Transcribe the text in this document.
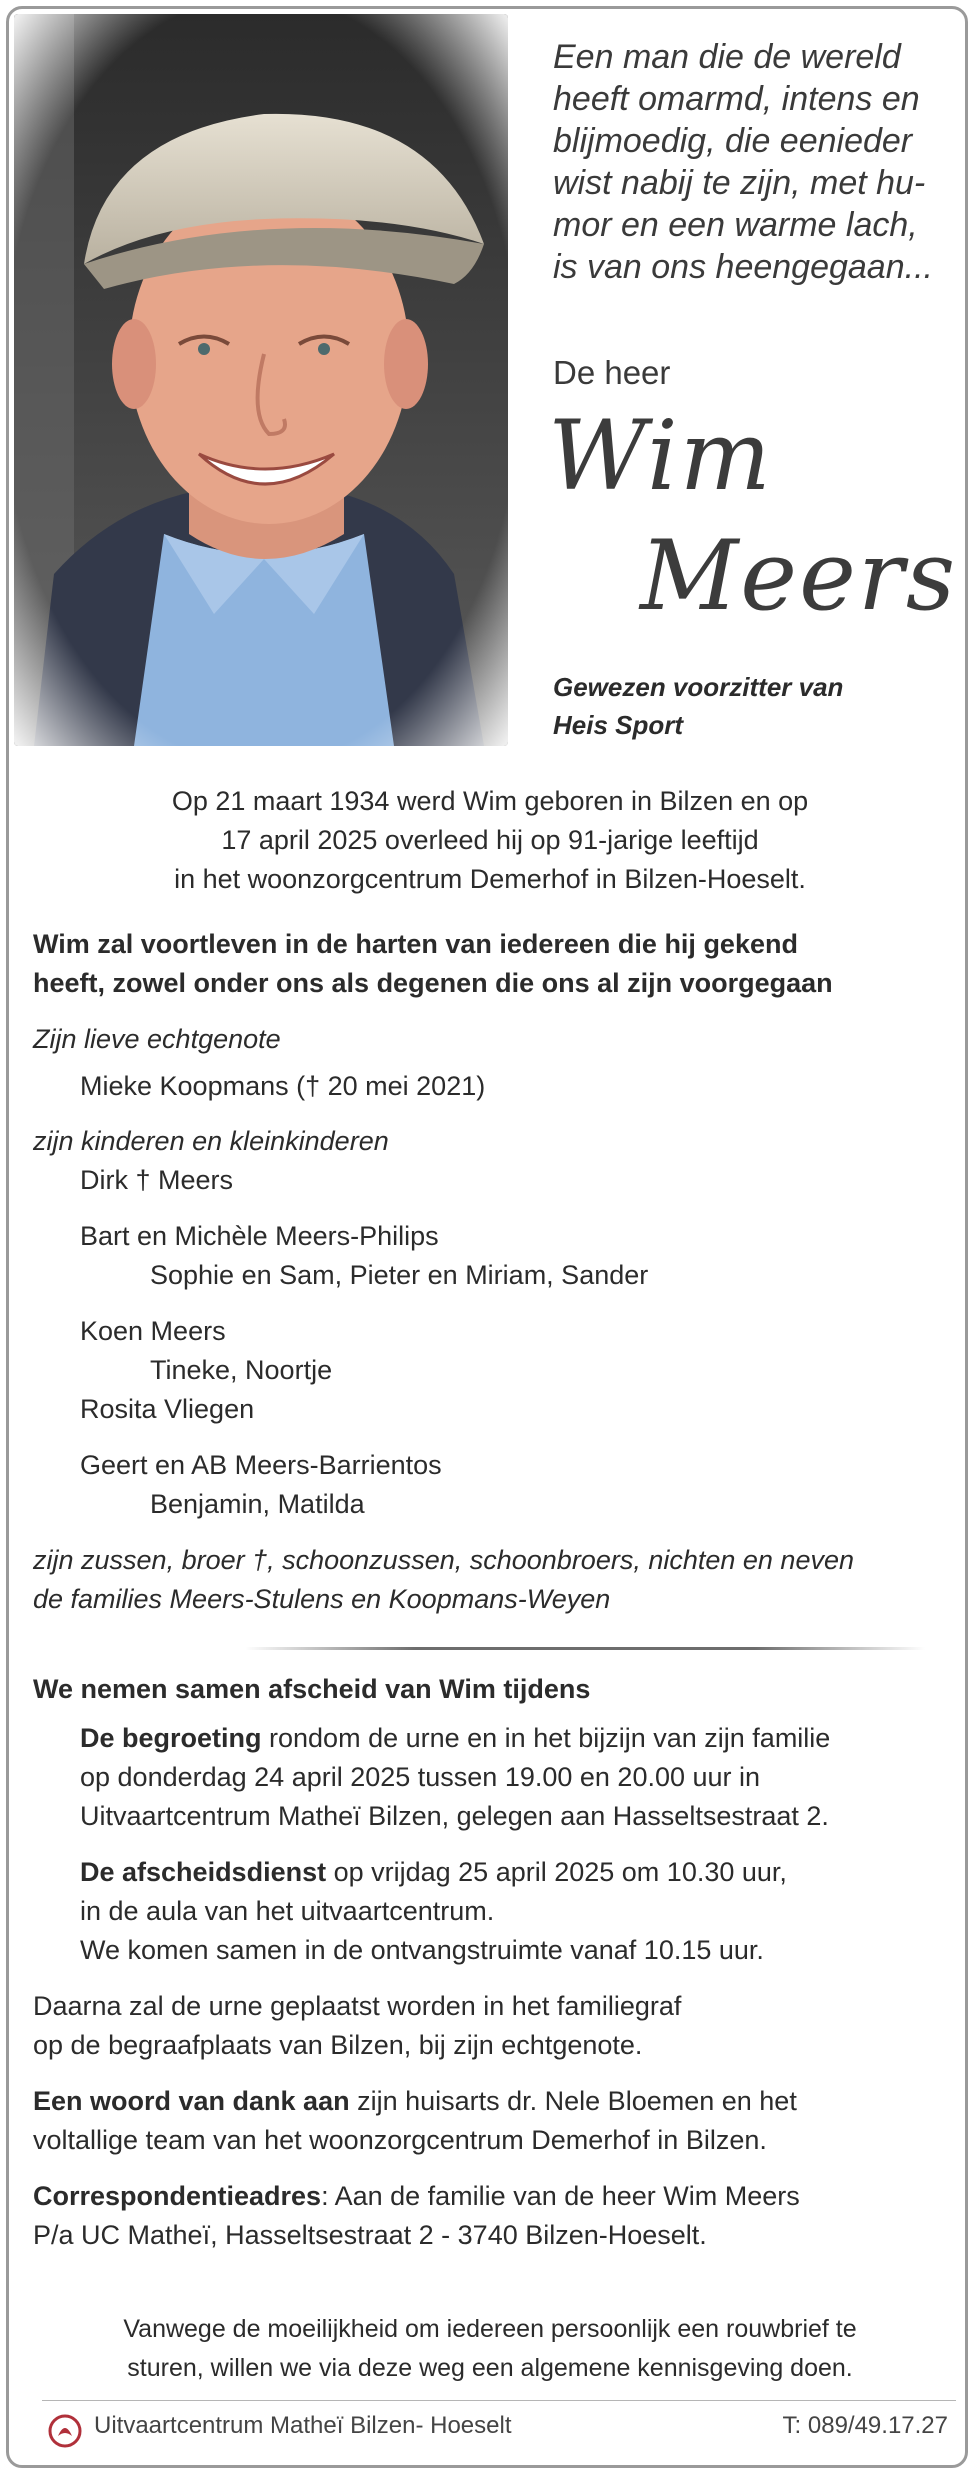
Een man die de wereld

heeft omarmd, intens en

blijmoedig, die eenieder

wist nabij te zijn, met hu-

mor en een warme lach,

is van ons heengegaan...

De heer
Wim
Meers
Gewezen voorzitter van
Heis Sport
Op 21 maart 1934 werd Wim geboren in Bilzen en op
17 april 2025 overleed hij op 91-jarige leeftijd
in het woonzorgcentrum Demerhof in Bilzen-Hoeselt.
Wim zal voortleven in de harten van iedereen die hij gekend
heeft, zowel onder ons als degenen die ons al zijn voorgegaan
Zijn lieve echtgenote
Mieke Koopmans († 20 mei 2021)
zijn kinderen en kleinkinderen
Dirk † Meers
Bart en Michèle Meers-Philips
Sophie en Sam, Pieter en Miriam, Sander
Koen Meers
Tineke, Noortje
Rosita Vliegen
Geert en AB Meers-Barrientos
Benjamin, Matilda
zijn zussen, broer †, schoonzussen, schoonbroers, nichten en neven
de families Meers-Stulens en Koopmans-Weyen
We nemen samen afscheid van Wim tijdens
De begroeting rondom de urne en in het bijzijn van zijn familie
op donderdag 24 april 2025 tussen 19.00 en 20.00 uur in
Uitvaartcentrum Matheï Bilzen, gelegen aan Hasseltsestraat 2.
De afscheidsdienst op vrijdag 25 april 2025 om 10.30 uur,
in de aula van het uitvaartcentrum.
We komen samen in de ontvangstruimte vanaf 10.15 uur.
Daarna zal de urne geplaatst worden in het familiegraf
op de begraafplaats van Bilzen, bij zijn echtgenote.
Een woord van dank aan zijn huisarts dr. Nele Bloemen en het
voltallige team van het woonzorgcentrum Demerhof in Bilzen.
Correspondentieadres: Aan de familie van de heer Wim Meers
P/a UC Matheï, Hasseltsestraat 2 - 3740 Bilzen-Hoeselt.
Vanwege de moeilijkheid om iedereen persoonlijk een rouwbrief te
sturen, willen we via deze weg een algemene kennisgeving doen.
Uitvaartcentrum Matheï Bilzen- Hoeselt	T: 089/49.17.27
